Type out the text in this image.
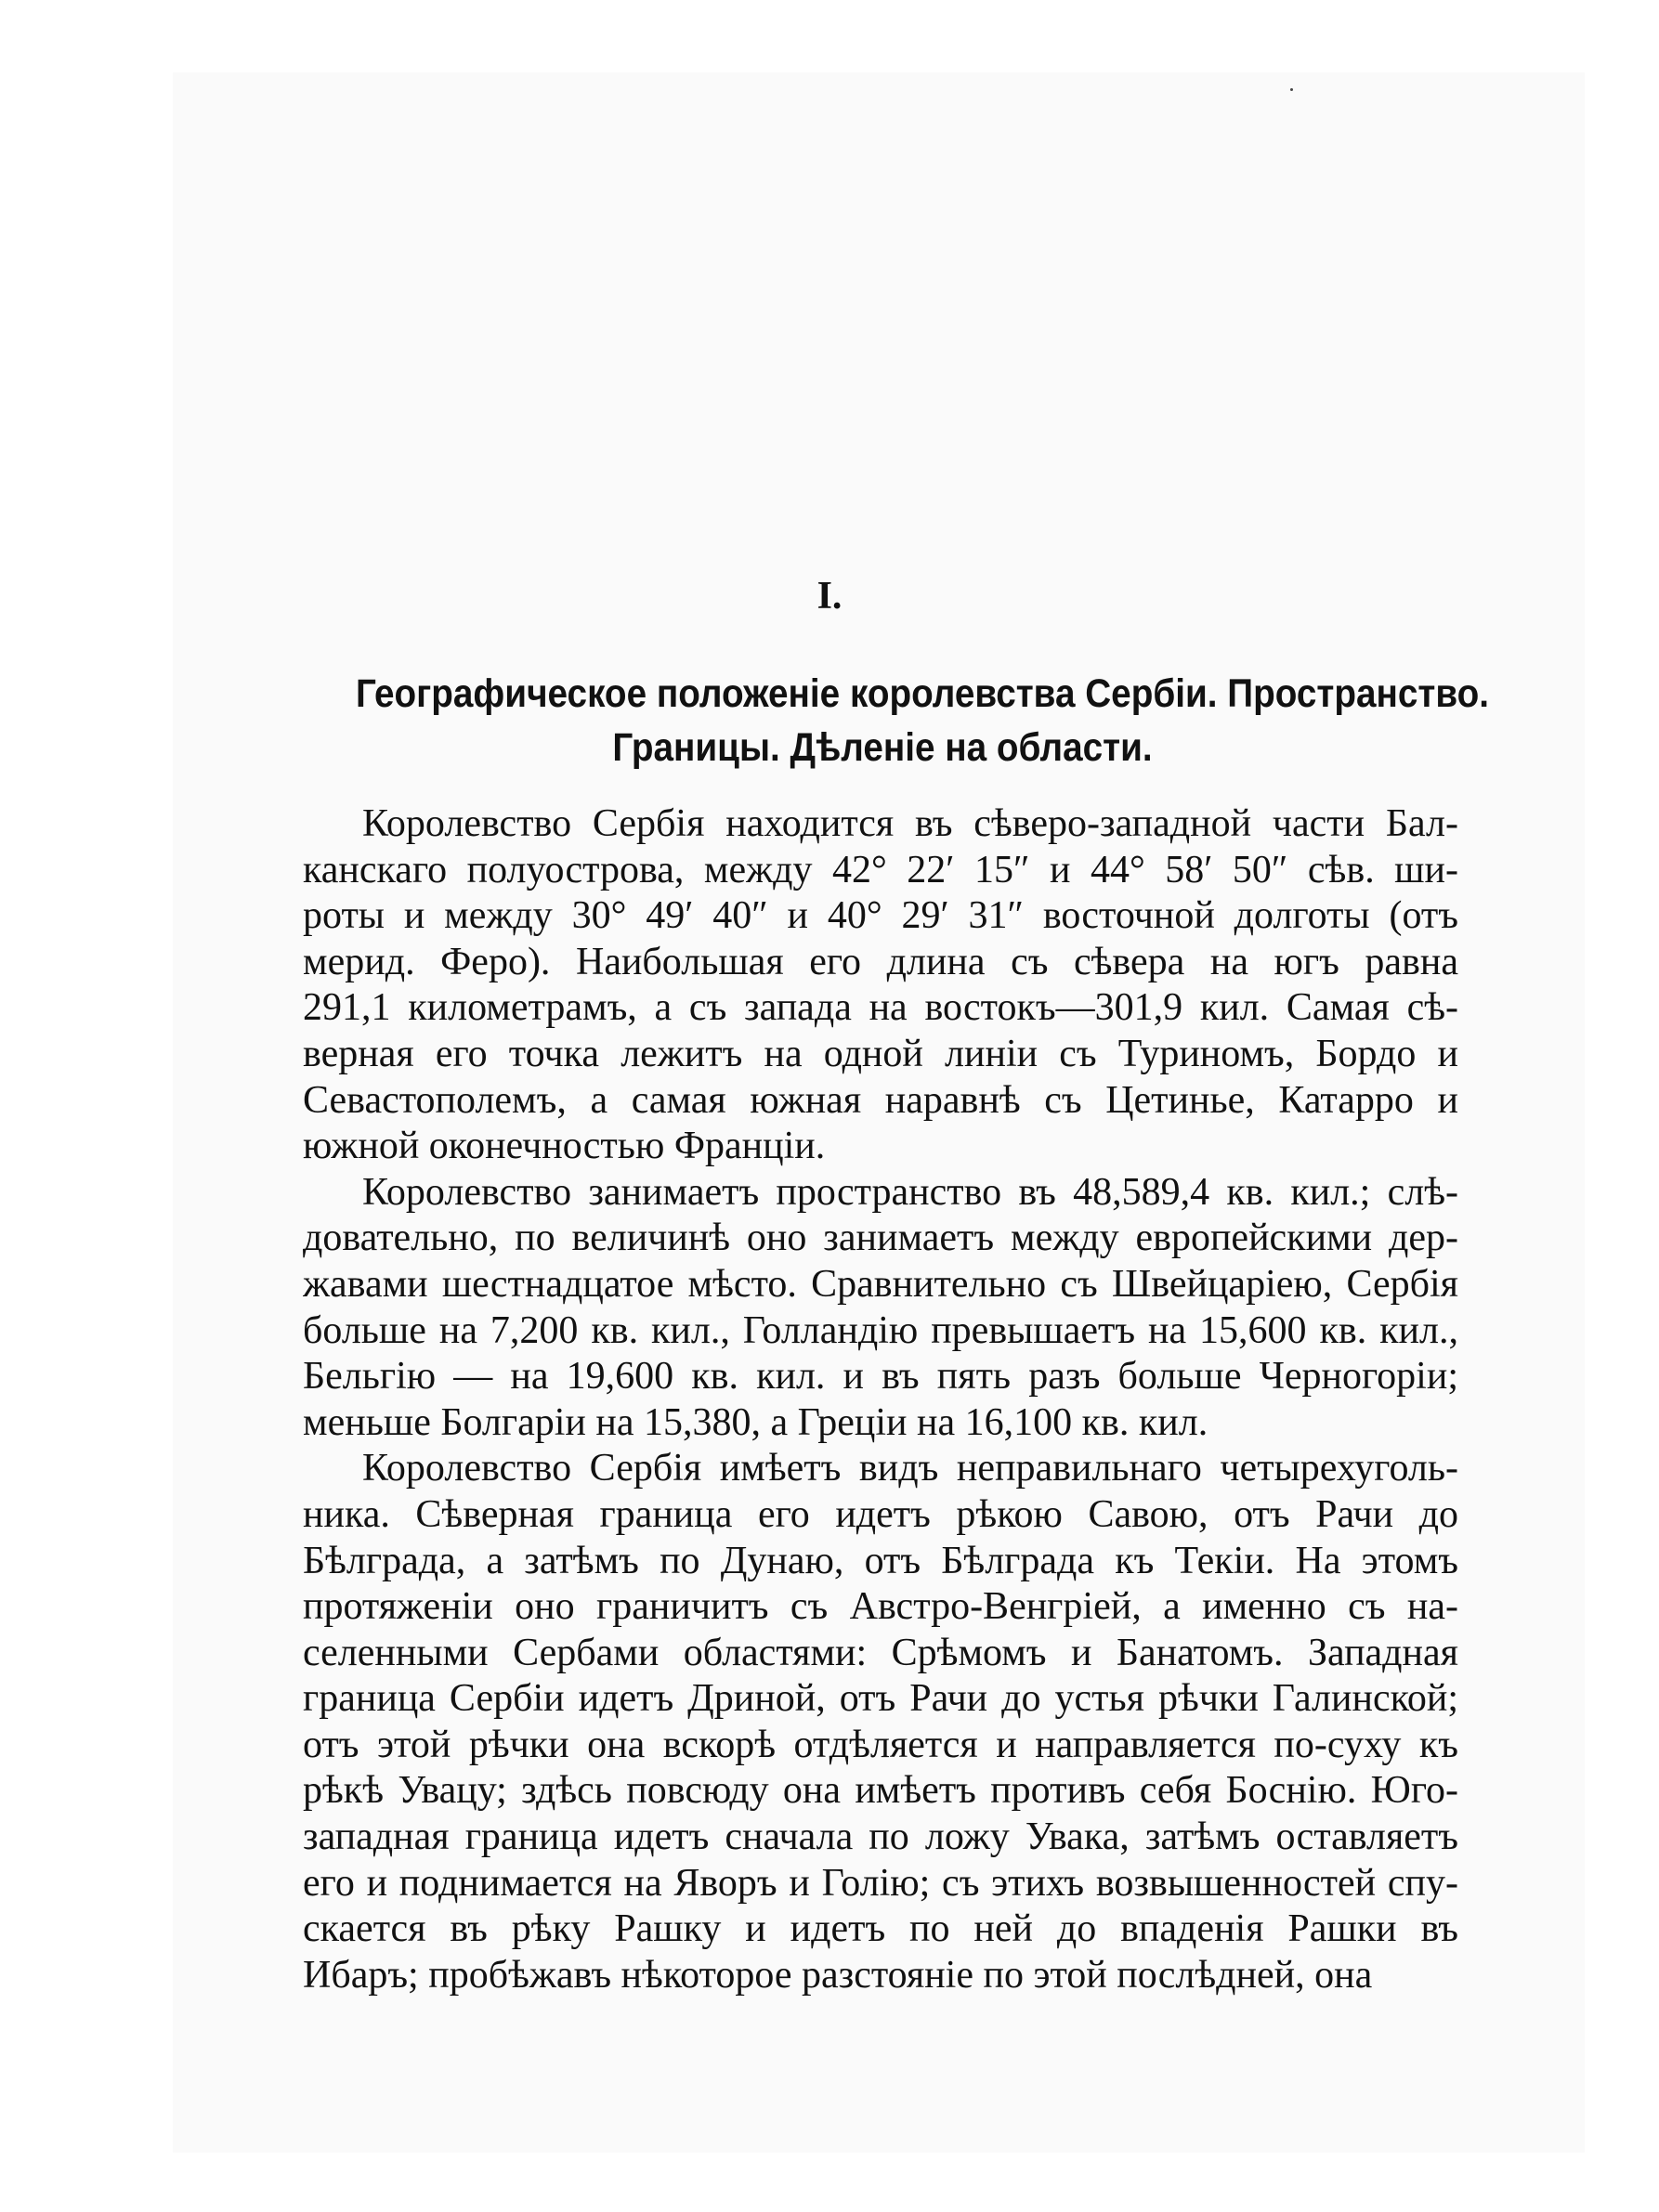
I.
Географическое положеніе королевства Сербіи. Пространство.
Границы. Дѣленіе на области.
Королевство Сербія находится въ сѣверо-западной части Бал-
канскаго полуострова, между 42° 22′ 15″ и 44° 58′ 50″ сѣв. ши-
роты и между 30° 49′ 40″ и 40° 29′ 31″ восточной долготы (отъ
мерид. Феро). Наибольшая его длина съ сѣвера на югъ равна
291,1 километрамъ, а съ запада на востокъ—301,9 кил. Самая сѣ-
верная его точка лежитъ на одной линіи съ Туриномъ, Бордо и
Севастополемъ, а самая южная наравнѣ съ Цетинье, Катарро и
южной оконечностью Франціи.
Королевство занимаетъ пространство въ 48,589,4 кв. кил.; слѣ-
довательно, по величинѣ оно занимаетъ между европейскими дер-
жавами шестнадцатое мѣсто. Сравнительно съ Швейцаріею, Сербія
больше на 7,200 кв. кил., Голландію превышаетъ на 15,600 кв. кил.,
Бельгію — на 19,600 кв. кил. и въ пять разъ больше Черногоріи;
меньше Болгаріи на 15,380, а Греціи на 16,100 кв. кил.
Королевство Сербія имѣетъ видъ неправильнаго четырехуголь-
ника. Сѣверная граница его идетъ рѣкою Савою, отъ Рачи до
Бѣлграда, а затѣмъ по Дунаю, отъ Бѣлграда къ Текіи. На этомъ
протяженіи оно граничитъ съ Австро-Венгріей, а именно съ на-
селенными Сербами областями: Срѣмомъ и Банатомъ. Западная
граница Сербіи идетъ Дриной, отъ Рачи до устья рѣчки Галинской;
отъ этой рѣчки она вскорѣ отдѣляется и направляется по-суху къ
рѣкѣ Увацу; здѣсь повсюду она имѣетъ противъ себя Боснію. Юго-
западная граница идетъ сначала по ложу Увака, затѣмъ оставляетъ
его и поднимается на Яворъ и Голію; съ этихъ возвышенностей спу-
скается въ рѣку Рашку и идетъ по ней до впаденія Рашки въ
Ибаръ; пробѣжавъ нѣкоторое разстояніе по этой послѣдней, она
